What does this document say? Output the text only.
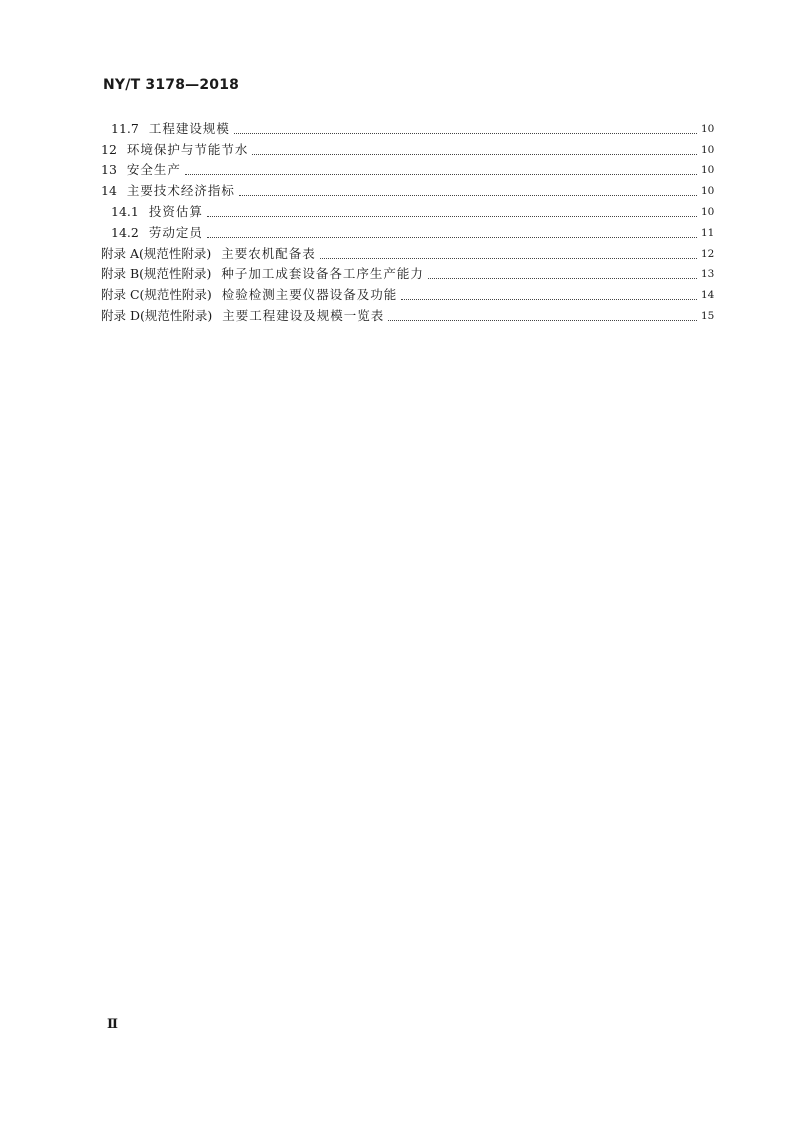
NY/T 3178—2018
11.7 工程建设规模	10
12 环境保护与节能节水	10
13 安全生产	10
14 主要技术经济指标	10
14.1 投资估算	10
14.2 劳动定员	11
附录 A(规范性附录) 主要农机配备表	12
附录 B(规范性附录) 种子加工成套设备各工序生产能力	13
附录 C(规范性附录) 检验检测主要仪器设备及功能	14
附录 D(规范性附录) 主要工程建设及规模一览表	15
Ⅱ
